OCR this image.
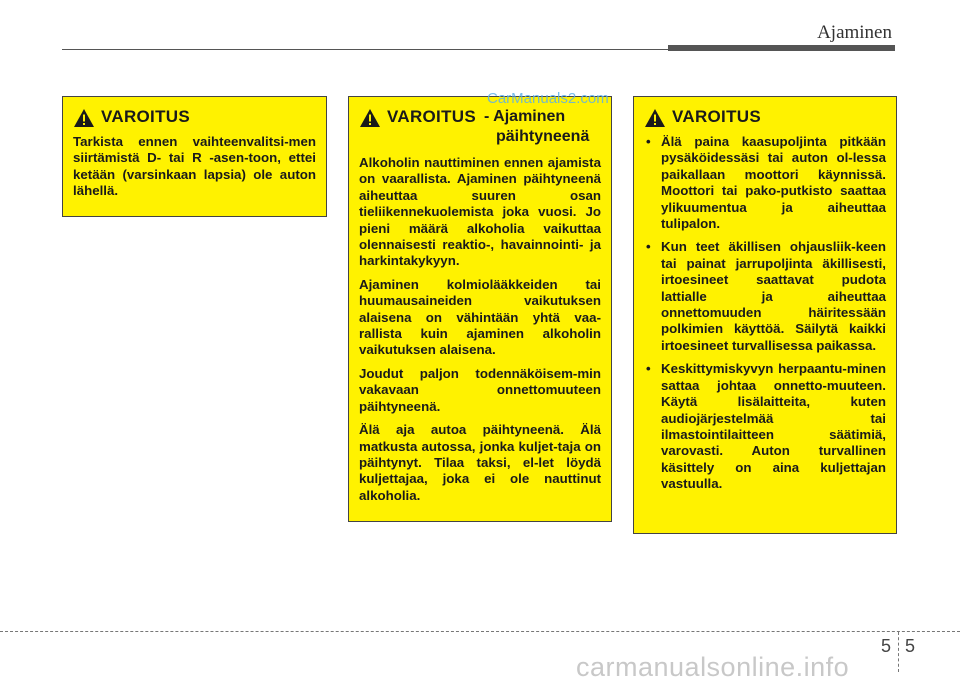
Ajaminen
VAROITUS

Tarkista ennen vaihteenvalitsi-men siirtämistä D- tai R -asen-toon, ettei ketään (varsinkaan lapsia) ole auton lähellä.

VAROITUS - Ajaminen
päihtyneenä

Alkoholin nauttiminen ennen ajamista on vaarallista. Ajaminen päihtyneenä aiheuttaa suuren osan tieliikennekuolemista joka vuosi. Jo pieni määrä alkoholia vaikuttaa olennaisesti reaktio-, havainnointi- ja harkintakykyyn.

Ajaminen kolmiolääkkeiden tai huumausaineiden vaikutuksen alaisena on vähintään yhtä vaa-rallista kuin ajaminen alkoholin vaikutuksen alaisena.

Joudut paljon todennäköisem-min vakavaan onnettomuuteen päihtyneenä.

Älä aja autoa päihtyneenä. Älä matkusta autossa, jonka kuljet-taja on päihtynyt. Tilaa taksi, el-let löydä kuljettajaa, joka ei ole nauttinut alkoholia.

VAROITUS
• Älä paina kaasupoljinta pitkään pysäköidessäsi tai auton ol-lessa paikallaan moottori käynnissä. Moottori tai pako-putkisto saattaa ylikuumentua ja aiheuttaa tulipalon.
• Kun teet äkillisen ohjausliik-keen tai painat jarrupoljinta äkillisesti, irtoesineet saattavat pudota lattialle ja aiheuttaa onnettomuuden häiritessään polkimien käyttöä. Säilytä kaikki irtoesineet turvallisessa paikassa.
• Keskittymiskyvyn herpaantu-minen sattaa johtaa onnetto-muuteen. Käytä lisälaitteita, kuten audiojärjestelmää tai ilmastointilaitteen säätimiä, varovasti. Auton turvallinen käsittely on aina kuljettajan vastuulla.
CarManuals2.com
5 5
carmanualsonline.info
